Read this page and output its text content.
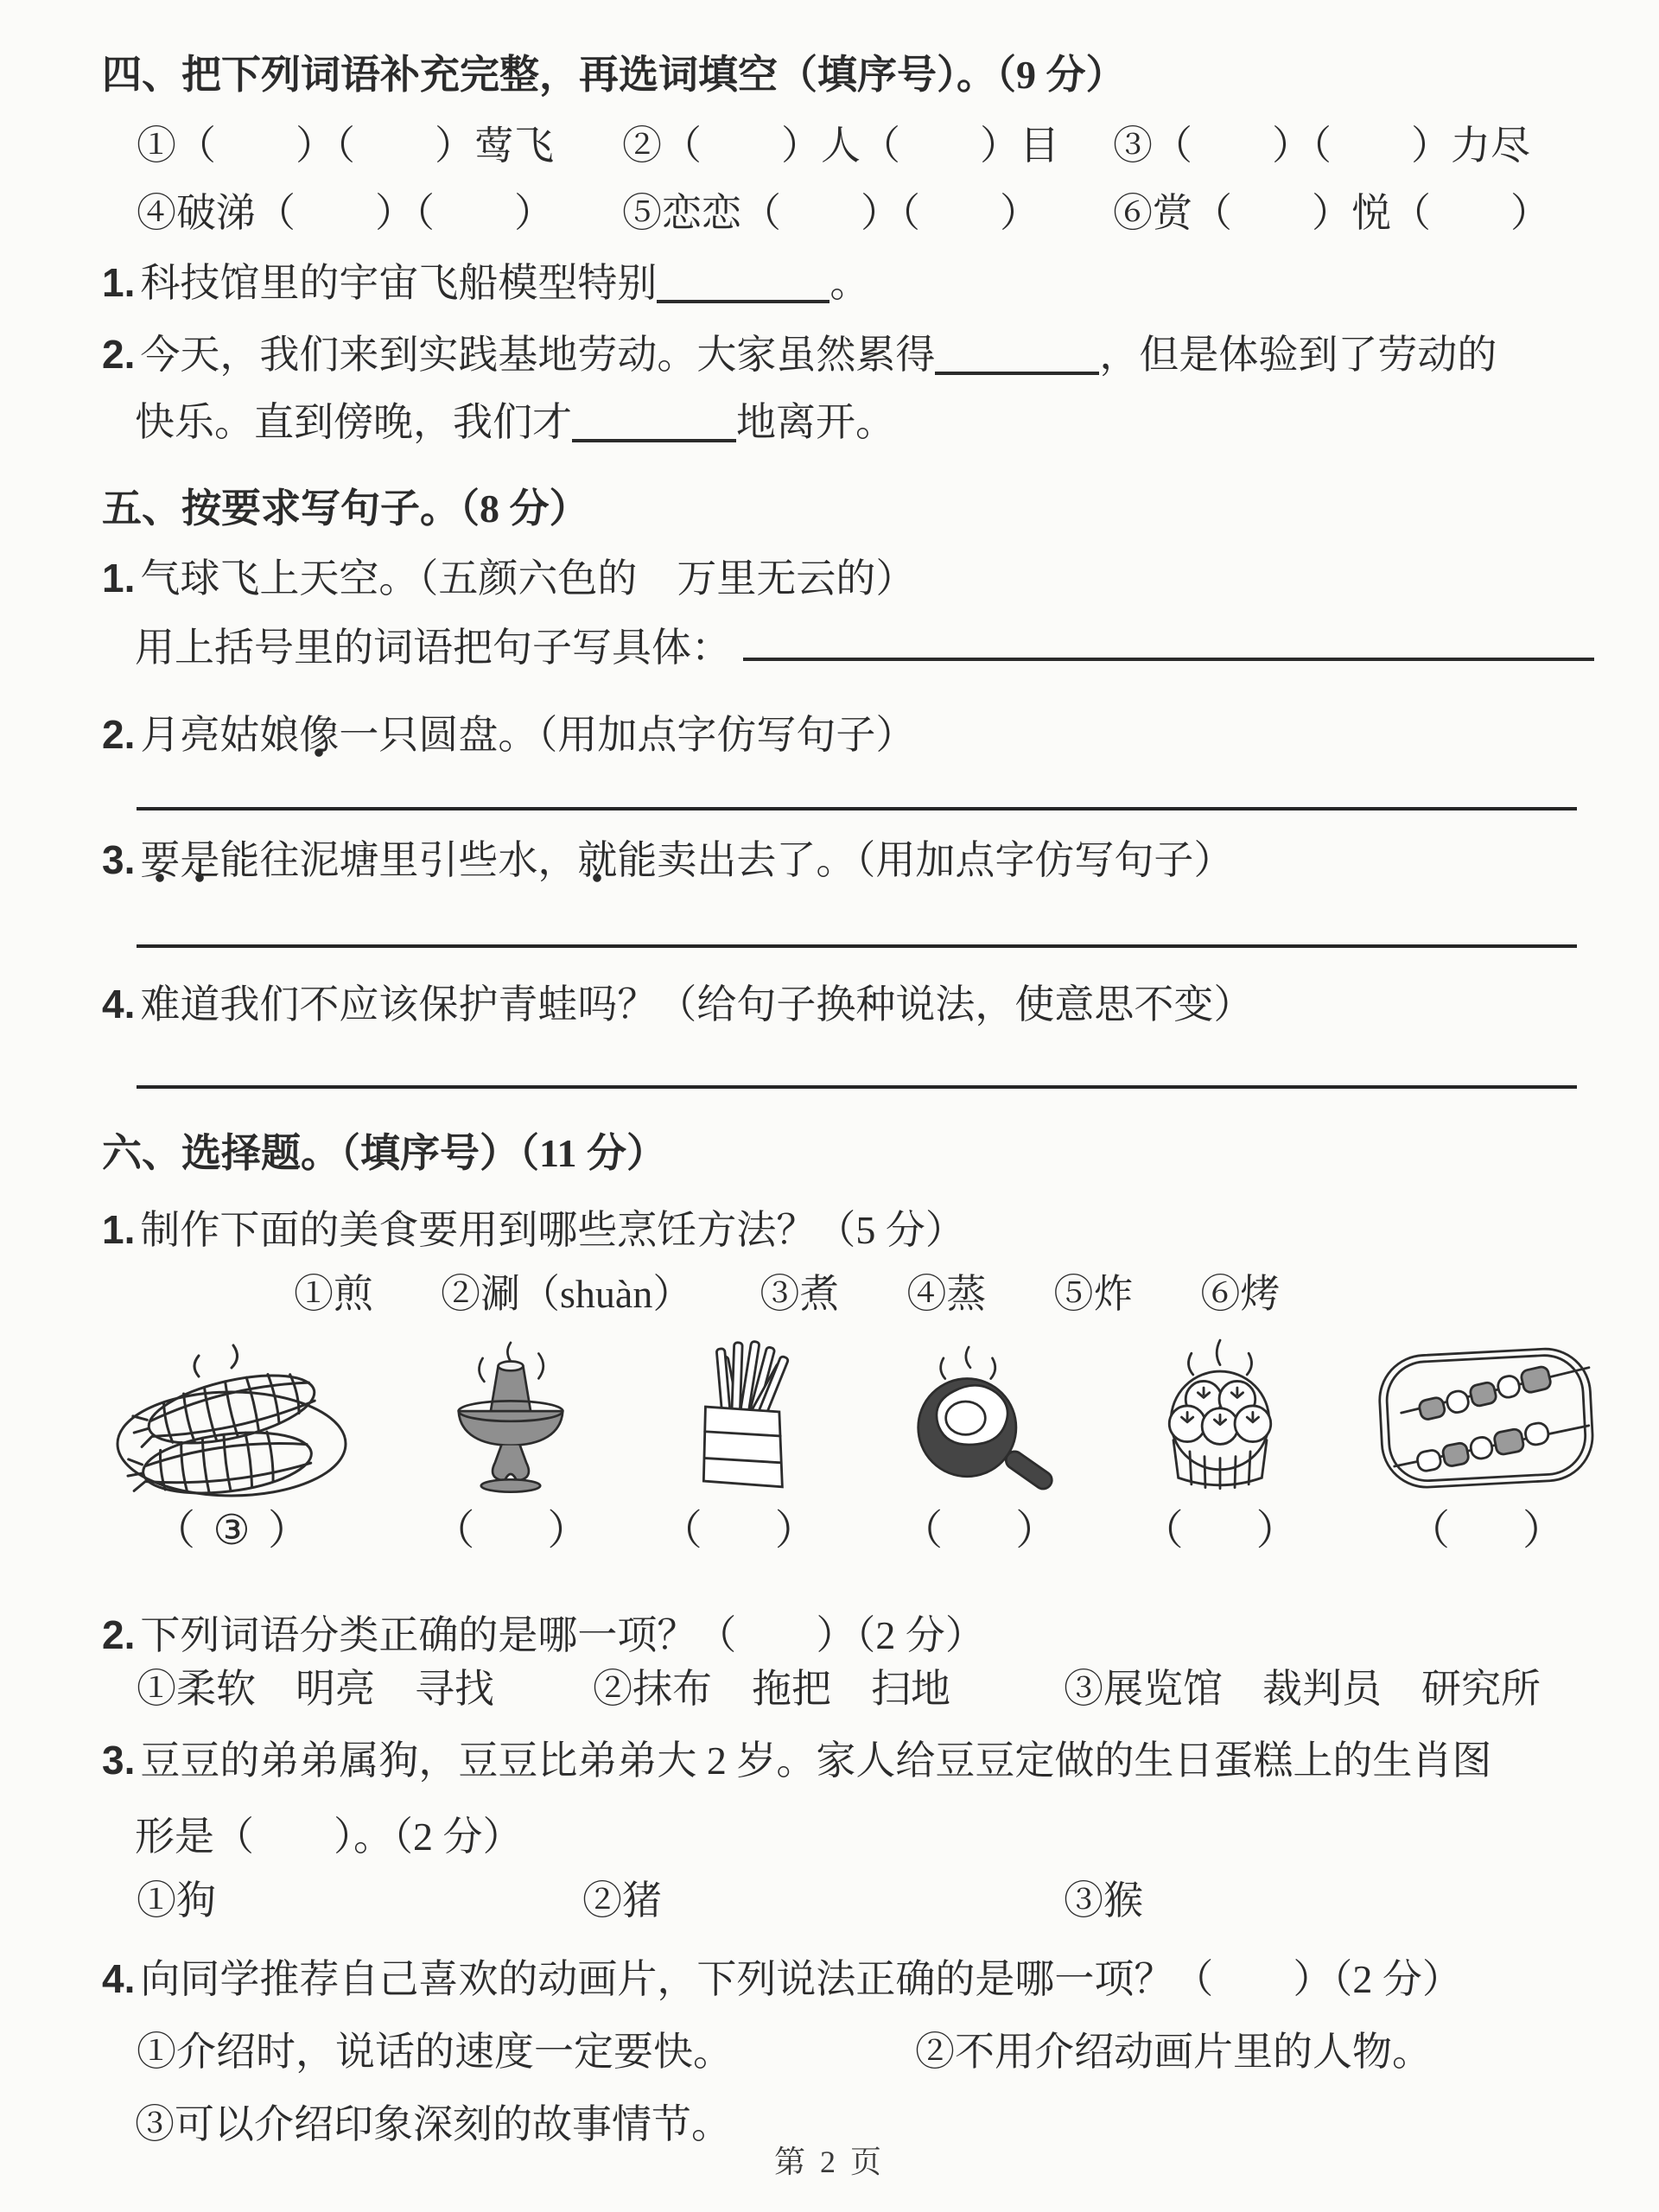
四、把下列词语补充完整，再选词填空（填序号）。（9 分）
①（　　）（　　）莺飞	②（　　）人（　　）目	③（　　）（　　）力尽
④破涕（　　）（　　）	⑤恋恋（　　）（　　）	⑥赏（　　）悦（　　）
1. 科技馆里的宇宙飞船模型特别	。
2. 今天，我们来到实践基地劳动。大家虽然累得	，但是体验到了劳动的
快乐。直到傍晚，我们才	地离开。
五、按要求写句子。（8 分）
1. 气球飞上天空。（五颜六色的　万里无云的）
用上括号里的词语把句子写具体：
2. 月亮姑娘像一只圆盘。（用加点字仿写句子）
3. 要是能往泥塘里引些水，就能卖出去了。（用加点字仿写句子）
4. 难道我们不应该保护青蛙吗？（给句子换种说法，使意思不变）
六、选择题。（填序号）（11 分）
1. 制作下面的美食要用到哪些烹饪方法？（5 分）
①煎 ②涮（shuàn） ③煮 ④蒸 ⑤炸 ⑥烤
（ ③ ）	（ ） （ ） （ ） （ ）	（ ）
2. 下列词语分类正确的是哪一项？（　　）（2 分）
①柔软　明亮　寻找	②抹布　拖把　扫地	③展览馆　裁判员　研究所
3. 豆豆的弟弟属狗，豆豆比弟弟大 2 岁。家人给豆豆定做的生日蛋糕上的生肖图
形是（　　）。（2 分）
①狗	②猪	③猴
4. 向同学推荐自己喜欢的动画片，下列说法正确的是哪一项？（　　）（2 分）
①介绍时，说话的速度一定要快。	②不用介绍动画片里的人物。
③可以介绍印象深刻的故事情节。
第 2 页
